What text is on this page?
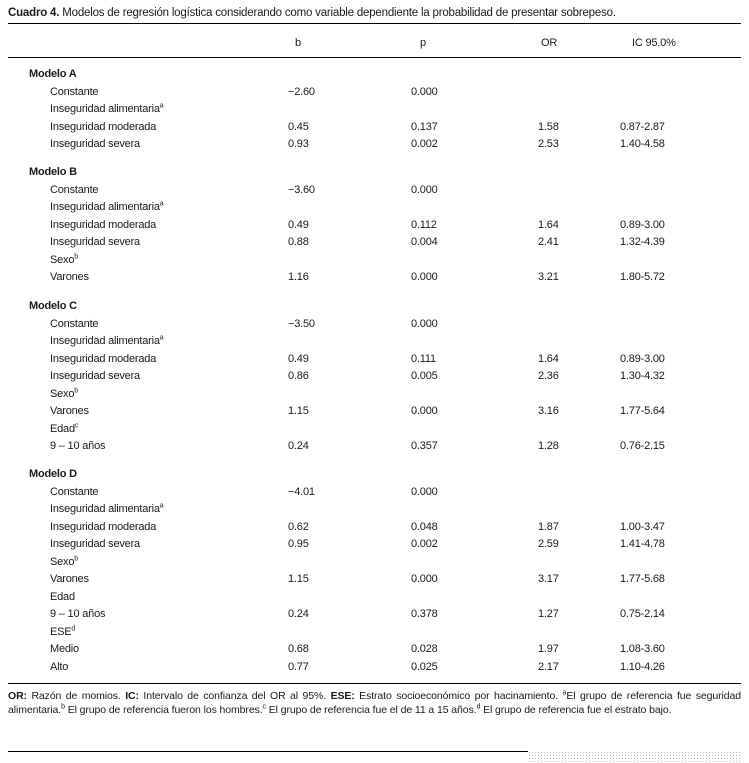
Cuadro 4. Modelos de regresión logística considerando como variable dependiente la probabilidad de presentar sobrepeso.
b	p	OR	IC 95.0%
Modelo A
Constante	−2.60	0.000
Inseguridad alimentaria$^a$
Inseguridad moderada	0.45	0.137	1.58	0.87-2.87
Inseguridad severa	0.93	0.002	2.53	1.40-4.58
Modelo B
Constante	−3.60	0.000
Inseguridad alimentaria$^a$
Inseguridad moderada	0.49	0.112	1.64	0.89-3.00
Inseguridad severa	0.88	0.004	2.41	1.32-4.39
Sexo$^b$
Varones	1.16	0.000	3.21	1.80-5.72
Modelo C
Constante	−3.50	0.000
Inseguridad alimentaria$^a$
Inseguridad moderada	0.49	0.111	1.64	0.89-3.00
Inseguridad severa	0.86	0.005	2.36	1.30-4.32
Sexo$^b$
Varones	1.15	0.000	3.16	1.77-5.64
Edad$^c$
9 – 10 años	0.24	0.357	1.28	0.76-2.15
Modelo D
Constante	−4.01	0.000
Inseguridad alimentaria$^a$
Inseguridad moderada	0.62	0.048	1.87	1.00-3.47
Inseguridad severa	0.95	0.002	2.59	1.41-4.78
Sexo$^b$
Varones	1.15	0.000	3.17	1.77-5.68
Edad
9 – 10 años	0.24	0.378	1.27	0.75-2.14
ESE$^d$
Medio	0.68	0.028	1.97	1.08-3.60
Alto	0.77	0.025	2.17	1.10-4.26
OR: Razón de momios. IC: Intervalo de confianza del OR al 95%. ESE: Estrato socioeconómico por hacinamiento. $^a$El grupo de referencia fue seguridad alimentaria.$^b$ El grupo de referencia fueron los hombres.$^c$ El grupo de referencia fue el de 11 a 15 años.$^d$ El grupo de referencia fue el estrato bajo.
